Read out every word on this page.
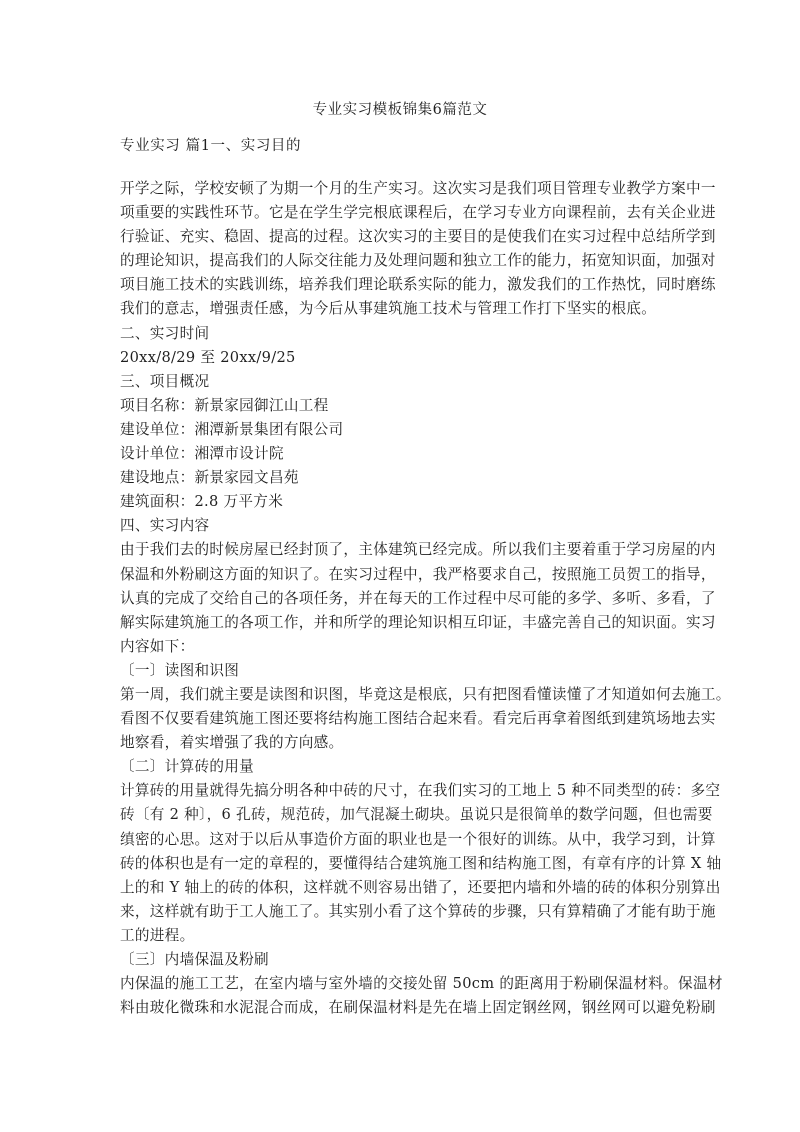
专业实习模板锦集6篇范文
专业实习 篇1一、实习目的
开学之际，学校安顿了为期一个月的生产实习。这次实习是我们项目管理专业教学方案中一
项重要的实践性环节。它是在学生学完根底课程后，在学习专业方向课程前，去有关企业进
行验证、充实、稳固、提高的过程。这次实习的主要目的是使我们在实习过程中总结所学到
的理论知识，提高我们的人际交往能力及处理问题和独立工作的能力，拓宽知识面，加强对
项目施工技术的实践训练，培养我们理论联系实际的能力，激发我们的工作热忱，同时磨练
我们的意志，增强责任感，为今后从事建筑施工技术与管理工作打下坚实的根底。
二、实习时间
20xx/8/29 至 20xx/9/25
三、项目概况
项目名称：新景家园御江山工程
建设单位：湘潭新景集团有限公司
设计单位：湘潭市设计院
建设地点：新景家园文昌苑
建筑面积：2.8 万平方米
四、实习内容
由于我们去的时候房屋已经封顶了，主体建筑已经完成。所以我们主要着重于学习房屋的内
保温和外粉刷这方面的知识了。在实习过程中，我严格要求自己，按照施工员贺工的指导，
认真的完成了交给自己的各项任务，并在每天的工作过程中尽可能的多学、多听、多看，了
解实际建筑施工的各项工作，并和所学的理论知识相互印证，丰盛完善自己的知识面。实习
内容如下：
〔一〕读图和识图
第一周，我们就主要是读图和识图，毕竟这是根底，只有把图看懂读懂了才知道如何去施工。
看图不仅要看建筑施工图还要将结构施工图结合起来看。看完后再拿着图纸到建筑场地去实
地察看，着实增强了我的方向感。
〔二〕计算砖的用量
计算砖的用量就得先搞分明各种中砖的尺寸，在我们实习的工地上 5 种不同类型的砖：多空
砖〔有 2 种〕，6 孔砖，规范砖，加气混凝土砌块。虽说只是很简单的数学问题，但也需要
缜密的心思。这对于以后从事造价方面的职业也是一个很好的训练。从中，我学习到，计算
砖的体积也是有一定的章程的，要懂得结合建筑施工图和结构施工图，有章有序的计算 X 轴
上的和 Y 轴上的砖的体积，这样就不则容易出错了，还要把内墙和外墙的砖的体积分别算出
来，这样就有助于工人施工了。其实别小看了这个算砖的步骤，只有算精确了才能有助于施
工的进程。
〔三〕内墙保温及粉刷
内保温的施工工艺，在室内墙与室外墙的交接处留 50cm 的距离用于粉刷保温材料。保温材
料由玻化微珠和水泥混合而成，在刷保温材料是先在墙上固定钢丝网，钢丝网可以避免粉刷
